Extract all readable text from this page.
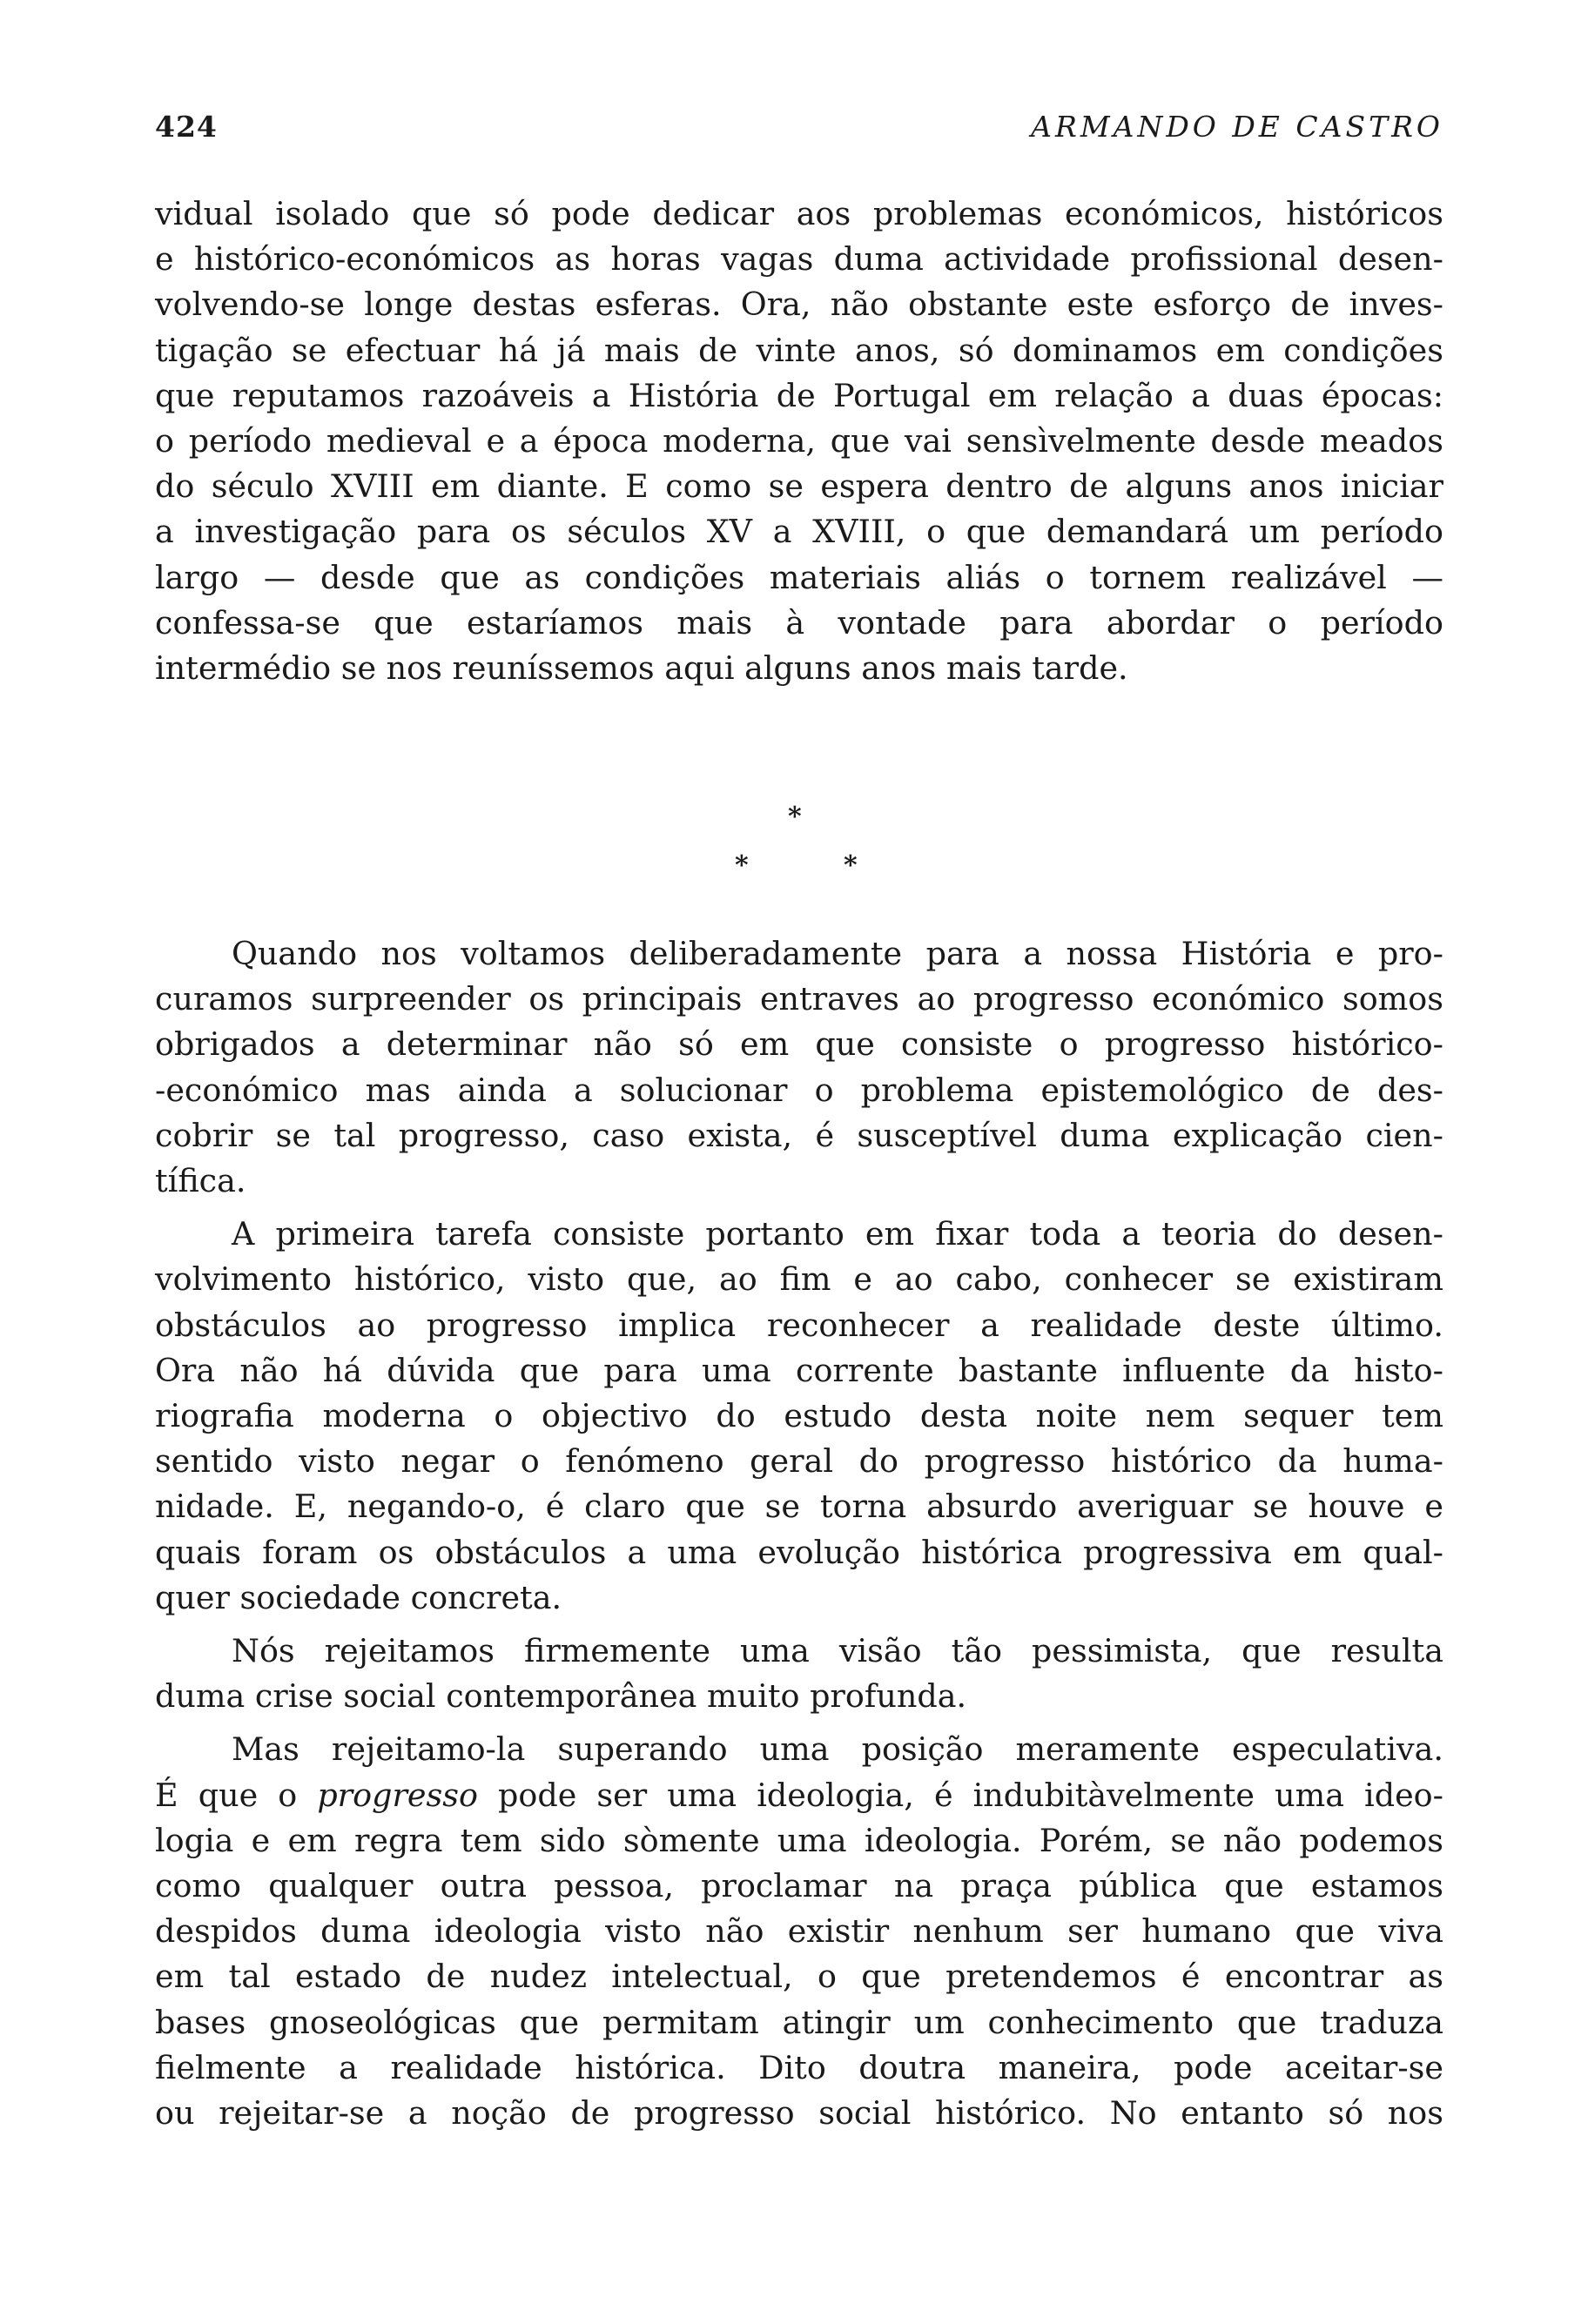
424	ARMANDO DE CASTRO

vidual isolado que só pode dedicar aos problemas económicos, históricos

e histórico-económicos as horas vagas duma actividade profissional desen-

volvendo-se longe destas esferas. Ora, não obstante este esforço de inves-

tigação se efectuar há já mais de vinte anos, só dominamos em condições

que reputamos razoáveis a História de Portugal em relação a duas épocas:

o período medieval e a época moderna, que vai sensìvelmente desde meados

do século XVIII em diante. E como se espera dentro de alguns anos iniciar

a investigação para os séculos XV a XVIII, o que demandará um período

largo — desde que as condições materiais aliás o tornem realizável —

confessa-se que estaríamos mais à vontade para abordar o período

intermédio se nos reuníssemos aqui alguns anos mais tarde.

*
*	*

Quando nos voltamos deliberadamente para a nossa História e pro-

curamos surpreender os principais entraves ao progresso económico somos

obrigados a determinar não só em que consiste o progresso histórico-

-económico mas ainda a solucionar o problema epistemológico de des-

cobrir se tal progresso, caso exista, é susceptível duma explicação cien-

tífica.

A primeira tarefa consiste portanto em fixar toda a teoria do desen-

volvimento histórico, visto que, ao fim e ao cabo, conhecer se existiram

obstáculos ao progresso implica reconhecer a realidade deste último.

Ora não há dúvida que para uma corrente bastante influente da histo-

riografia moderna o objectivo do estudo desta noite nem sequer tem

sentido visto negar o fenómeno geral do progresso histórico da huma-

nidade. E, negando-o, é claro que se torna absurdo averiguar se houve e

quais foram os obstáculos a uma evolução histórica progressiva em qual-

quer sociedade concreta.

Nós rejeitamos firmemente uma visão tão pessimista, que resulta

duma crise social contemporânea muito profunda.

Mas rejeitamo-la superando uma posição meramente especulativa.

É que o progresso pode ser uma ideologia, é indubitàvelmente uma ideo-

logia e em regra tem sido sòmente uma ideologia. Porém, se não podemos

como qualquer outra pessoa, proclamar na praça pública que estamos

despidos duma ideologia visto não existir nenhum ser humano que viva

em tal estado de nudez intelectual, o que pretendemos é encontrar as

bases gnoseológicas que permitam atingir um conhecimento que traduza

fielmente a realidade histórica. Dito doutra maneira, pode aceitar-se

ou rejeitar-se a noção de progresso social histórico. No entanto só nos
